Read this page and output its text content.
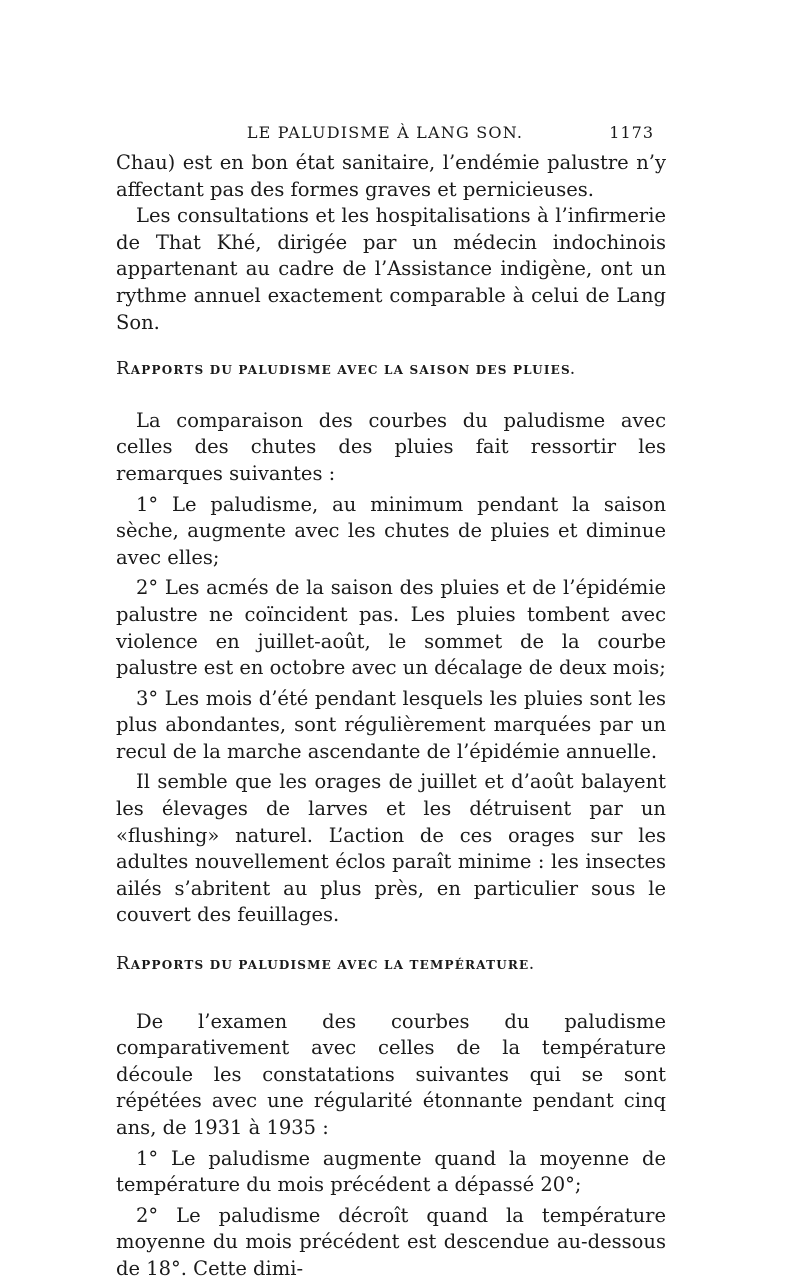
LE PALUDISME À LANG SON.	1173

Chau) est en bon état sanitaire, l’endémie palustre n’y affectant pas des formes graves et pernicieuses.

Les consultations et les hospitalisations à l’infirmerie de That Khé, dirigée par un médecin indochinois appartenant au cadre de l’Assistance indigène, ont un rythme annuel exactement comparable à celui de Lang Son.

RAPPORTS DU PALUDISME AVEC LA SAISON DES PLUIES.

La comparaison des courbes du paludisme avec celles des chutes des pluies fait ressortir les remarques suivantes :

1° Le paludisme, au minimum pendant la saison sèche, augmente avec les chutes de pluies et diminue avec elles;

2° Les acmés de la saison des pluies et de l’épidémie palustre ne coïncident pas. Les pluies tombent avec violence en juillet-août, le sommet de la courbe palustre est en octobre avec un décalage de deux mois;

3° Les mois d’été pendant lesquels les pluies sont les plus abondantes, sont régulièrement marquées par un recul de la marche ascendante de l’épidémie annuelle.

Il semble que les orages de juillet et d’août balayent les élevages de larves et les détruisent par un «flushing» naturel. L’action de ces orages sur les adultes nouvellement éclos paraît minime : les insectes ailés s’abritent au plus près, en particulier sous le couvert des feuillages.

RAPPORTS DU PALUDISME AVEC LA TEMPÉRATURE.

De l’examen des courbes du paludisme comparativement avec celles de la température découle les constatations suivantes qui se sont répétées avec une régularité étonnante pendant cinq ans, de 1931 à 1935 :

1° Le paludisme augmente quand la moyenne de température du mois précédent a dépassé 20°;

2° Le paludisme décroît quand la température moyenne du mois précédent est descendue au-dessous de 18°. Cette dimi-
